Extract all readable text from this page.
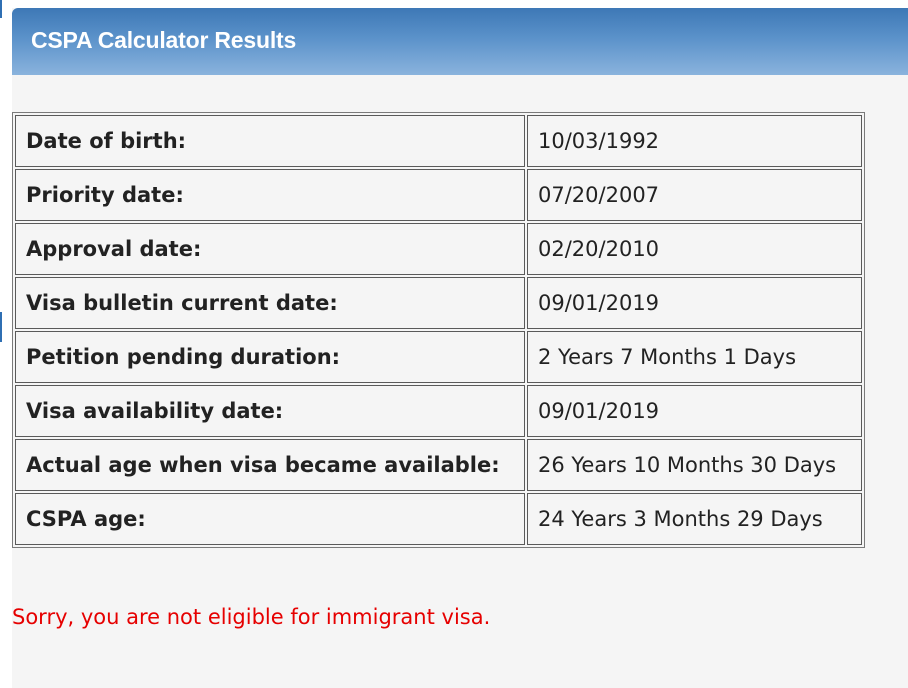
CSPA Calculator Results
Date of birth:	10/03/1992
Priority date:	07/20/2007
Approval date:	02/20/2010
Visa bulletin current date:	09/01/2019
Petition pending duration:	2 Years 7 Months 1 Days
Visa availability date:	09/01/2019
Actual age when visa became available:	26 Years 10 Months 30 Days
CSPA age:	24 Years 3 Months 29 Days
Sorry, you are not eligible for immigrant visa.
